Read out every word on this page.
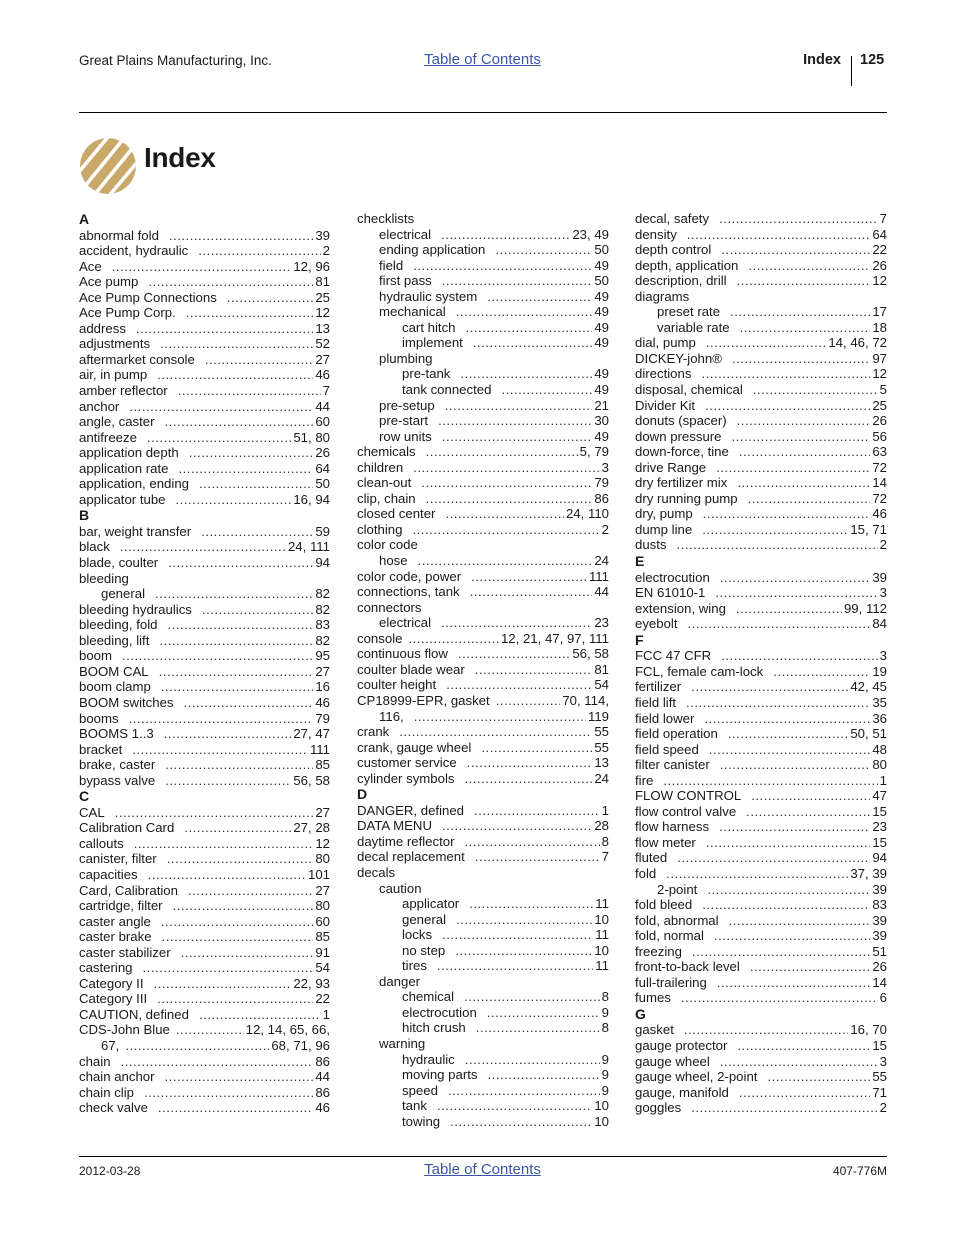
Great Plains Manufacturing, Inc.	Table of Contents	Index 125
Index
A
abnormal fold .....	39
accident, hydraulic .....	2
Ace .....	12, 96
Ace pump .....	81
Ace Pump Connections .....	25
Ace Pump Corp. .....	12
address .....	13
adjustments .....	52
aftermarket console .....	27
air, in pump .....	46
amber reflector .....	7
anchor .....	44
angle, caster .....	60
antifreeze .....	51, 80
application depth .....	26
application rate .....	64
application, ending .....	50
applicator tube .....	16, 94
B
bar, weight transfer .....	59
black .....	24, 111
blade, coulter .....	94
bleeding
general .....	82
bleeding hydraulics .....	82
bleeding, fold .....	83
bleeding, lift .....	82
boom .....	95
BOOM CAL .....	27
boom clamp .....	16
BOOM switches .....	46
booms .....	79
BOOMS 1..3 .....	27, 47
bracket .....	111
brake, caster .....	85
bypass valve .....	56, 58
C
CAL .....	27
Calibration Card .....	27, 28
callouts .....	12
canister, filter .....	80
capacities .....	101
Card, Calibration .....	27
cartridge, filter .....	80
caster angle .....	60
caster brake .....	85
caster stabilizer .....	91
castering .....	54
Category II .....	22, 93
Category III .....	22
CAUTION, defined .....	1
CDS-John Blue .....	12, 14, 65, 66,
67, .....	68, 71, 96
chain .....	86
chain anchor .....	44
chain clip .....	86
check valve .....	46
checklists
electrical .....	23, 49
ending application .....	50
field .....	49
first pass .....	50
hydraulic system .....	49
mechanical .....	49
cart hitch .....	49
implement .....	49
plumbing
pre-tank .....	49
tank connected .....	49
pre-setup .....	21
pre-start .....	30
row units .....	49
chemicals .....	5, 79
children .....	3
clean-out .....	79
clip, chain .....	86
closed center .....	24, 110
clothing .....	2
color code
hose .....	24
color code, power .....	111
connections, tank .....	44
connectors
electrical .....	23
console .....	12, 21, 47, 97, 111
continuous flow .....	56, 58
coulter blade wear .....	81
coulter height .....	54
CP18999-EPR, gasket .....	70, 114,
116, .....	119
crank .....	55
crank, gauge wheel .....	55
customer service .....	13
cylinder symbols .....	24
D
DANGER, defined .....	1
DATA MENU .....	28
daytime reflector .....	8
decal replacement .....	7
decals
caution
applicator .....	11
general .....	10
locks .....	11
no step .....	10
tires .....	11
danger
chemical .....	8
electrocution .....	9
hitch crush .....	8
warning
hydraulic .....	9
moving parts .....	9
speed .....	9
tank .....	10
towing .....	10
decal, safety .....	7
density .....	64
depth control .....	22
depth, application .....	26
description, drill .....	12
diagrams
preset rate .....	17
variable rate .....	18
dial, pump .....	14, 46, 72
DICKEY-john® .....	97
directions .....	12
disposal, chemical .....	5
Divider Kit .....	25
donuts (spacer) .....	26
down pressure .....	56
down-force, tine .....	63
drive Range .....	72
dry fertilizer mix .....	14
dry running pump .....	72
dry, pump .....	46
dump line .....	15, 71
dusts .....	2
E
electrocution .....	39
EN 61010-1 .....	3
extension, wing .....	99, 112
eyebolt .....	84
F
FCC 47 CFR .....	3
FCL, female cam-lock .....	19
fertilizer .....	42, 45
field lift .....	35
field lower .....	36
field operation .....	50, 51
field speed .....	48
filter canister .....	80
fire .....	1
FLOW CONTROL .....	47
flow control valve .....	15
flow harness .....	23
flow meter .....	15
fluted .....	94
fold .....	37, 39
2-point .....	39
fold bleed .....	83
fold, abnormal .....	39
fold, normal .....	39
freezing .....	51
front-to-back level .....	26
full-trailering .....	14
fumes .....	6
G
gasket .....	16, 70
gauge protector .....	15
gauge wheel .....	3
gauge wheel, 2-point .....	55
gauge, manifold .....	71
goggles .....	2
2012-03-28	Table of Contents	407-776M
